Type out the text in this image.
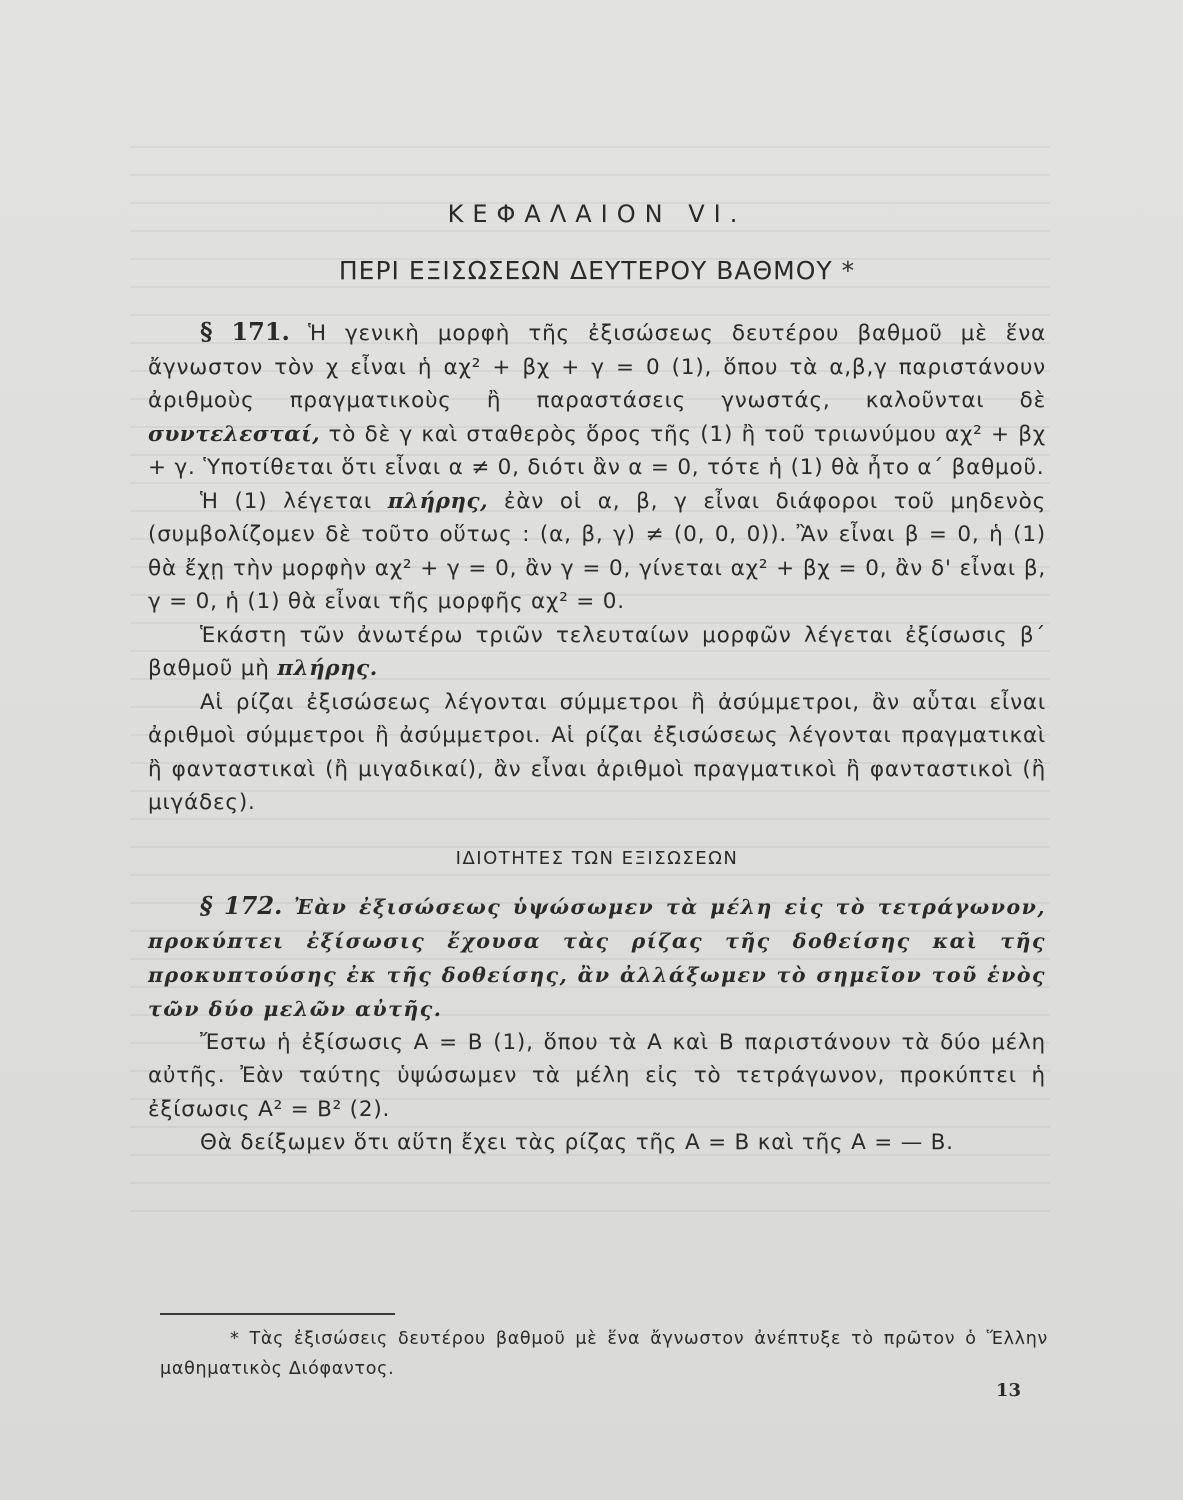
ΚΕΦΑΛΑΙΟΝ VI.
ΠΕΡΙ ΕΞΙΣΩΣΕΩΝ ΔΕΥΤΕΡΟΥ ΒΑΘΜΟΥ *

§ 171. Ἡ γενικὴ μορφὴ τῆς ἐξισώσεως δευτέρου βαθμοῦ μὲ ἕνα ἄγνωστον τὸν χ εἶναι ἡ αχ² + βχ + γ = 0 (1), ὅπου τὰ α,β,γ παριστάνουν ἀριθμοὺς πραγματικοὺς ἢ παραστάσεις γνωστάς, καλοῦνται δὲ συντελεσταί, τὸ δὲ γ καὶ σταθερὸς ὅρος τῆς (1) ἢ τοῦ τριωνύμου αχ² + βχ + γ. Ὑποτίθεται ὅτι εἶναι α ≠ 0, διότι ἂν α = 0, τότε ἡ (1) θὰ ἦτο α΄ βαθμοῦ.

Ἡ (1) λέγεται πλήρης, ἐὰν οἱ α, β, γ εἶναι διάφοροι τοῦ μηδενὸς (συμβολίζομεν δὲ τοῦτο οὕτως : (α, β, γ) ≠ (0, 0, 0)). Ἂν εἶναι β = 0, ἡ (1) θὰ ἔχῃ τὴν μορφὴν αχ² + γ = 0, ἂν γ = 0, γίνεται αχ² + βχ = 0, ἂν δ' εἶναι β, γ = 0, ἡ (1) θὰ εἶναι τῆς μορφῆς αχ² = 0.

Ἑκάστη τῶν ἀνωτέρω τριῶν τελευταίων μορφῶν λέγεται ἐξίσωσις β΄ βαθμοῦ μὴ πλήρης.

Αἱ ρίζαι ἐξισώσεως λέγονται σύμμετροι ἢ ἀσύμμετροι, ἂν αὗται εἶναι ἀριθμοὶ σύμμετροι ἢ ἀσύμμετροι. Αἱ ρίζαι ἐξισώσεως λέγονται πραγματικαὶ ἢ φανταστικαὶ (ἢ μιγαδικαί), ἂν εἶναι ἀριθμοὶ πραγματικοὶ ἢ φανταστικοὶ (ἢ μιγάδες).

ΙΔΙΟΤΗΤΕΣ ΤΩΝ ΕΞΙΣΩΣΕΩΝ

§ 172. Ἐὰν ἐξισώσεως ὑψώσωμεν τὰ μέλη εἰς τὸ τετράγωνον, προκύπτει ἐξίσωσις ἔχουσα τὰς ρίζας τῆς δοθείσης καὶ τῆς προκυπτούσης ἐκ τῆς δοθείσης, ἂν ἀλλάξωμεν τὸ σημεῖον τοῦ ἑνὸς τῶν δύο μελῶν αὐτῆς.

Ἔστω ἡ ἐξίσωσις Α = Β (1), ὅπου τὰ Α καὶ Β παριστάνουν τὰ δύο μέλη αὐτῆς. Ἐὰν ταύτης ὑψώσωμεν τὰ μέλη εἰς τὸ τετράγωνον, προκύπτει ἡ ἐξίσωσις Α² = Β² (2).

Θὰ δείξωμεν ὅτι αὕτη ἔχει τὰς ρίζας τῆς Α = Β καὶ τῆς Α = — Β.

* Τὰς ἐξισώσεις δευτέρου βαθμοῦ μὲ ἕνα ἄγνωστον ἀνέπτυξε τὸ πρῶτον ὁ Ἕλλην μαθηματικὸς Διόφαντος.

13
